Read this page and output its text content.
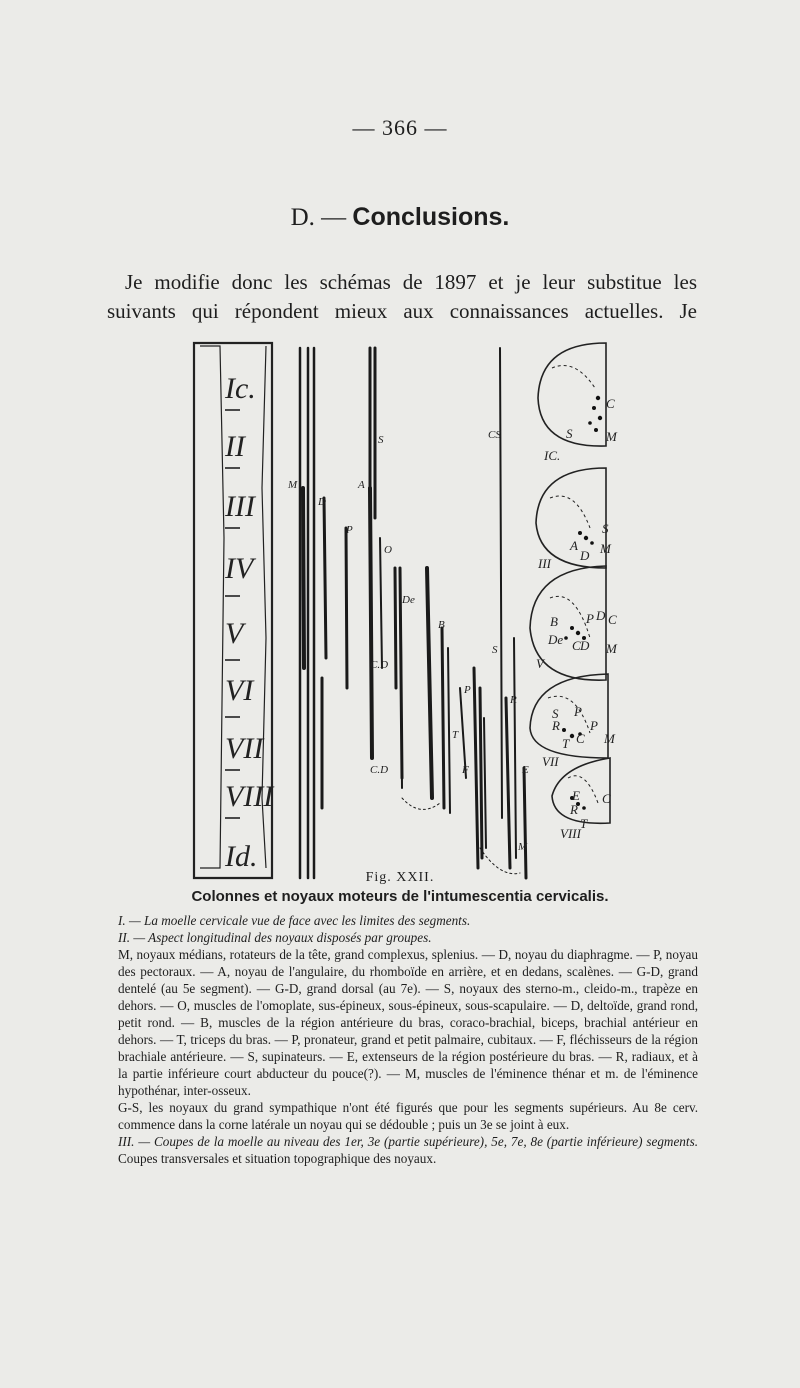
— 366 —
D. — Conclusions.
Je modifie donc les schémas de 1897 et je leur substitue les
suivants qui répondent mieux aux connaissances actuelles. Je
Ic.
II
III
IV
V
VI
VII
VIII
Id.
M
D
P
A
S
O
C.D
C.D
De
B
T
P
F
CS
S
R
E
M
IC.
III
V
VII
VIII
S
C
M
A
D
S
M
B P D C
De C D M
S P
R P
T C M
E C
R
T
Fig. XXII.
Colonnes et noyaux moteurs de l'intumescentia cervicalis.

I. — La moelle cervicale vue de face avec les limites des segments.

II. — Aspect longitudinal des noyaux disposés par groupes.

M, noyaux médians, rotateurs de la tête, grand complexus, splenius. — D, noyau du diaphragme. — P, noyau des pectoraux. — A, noyau de l'angulaire, du rhomboïde en arrière, et en dedans, scalènes. — G-D, grand dentelé (au 5e segment). — G-D, grand dorsal (au 7e). — S, noyaux des sterno-m., cleido-m., trapèze en dehors. — O, muscles de l'omoplate, sus-épineux, sous-épineux, sous-scapulaire. — D, deltoïde, grand rond, petit rond. — B, muscles de la région antérieure du bras, coraco-brachial, biceps, brachial antérieur en dehors. — T, triceps du bras. — P, pronateur, grand et petit palmaire, cubitaux. — F, fléchisseurs de la région brachiale antérieure. — S, supinateurs. — E, extenseurs de la région postérieure du bras. — R, radiaux, et à la partie inférieure court abducteur du pouce(?). — M, muscles de l'éminence thénar et m. de l'éminence hypothénar, inter-osseux.

G-S, les noyaux du grand sympathique n'ont été figurés que pour les segments supérieurs. Au 8e cerv. commence dans la corne latérale un noyau qui se dédouble ; puis un 3e se joint à eux.

III. — Coupes de la moelle au niveau des 1er, 3e (partie supérieure), 5e, 7e, 8e (partie inférieure) segments. Coupes transversales et situation topographique des noyaux.
